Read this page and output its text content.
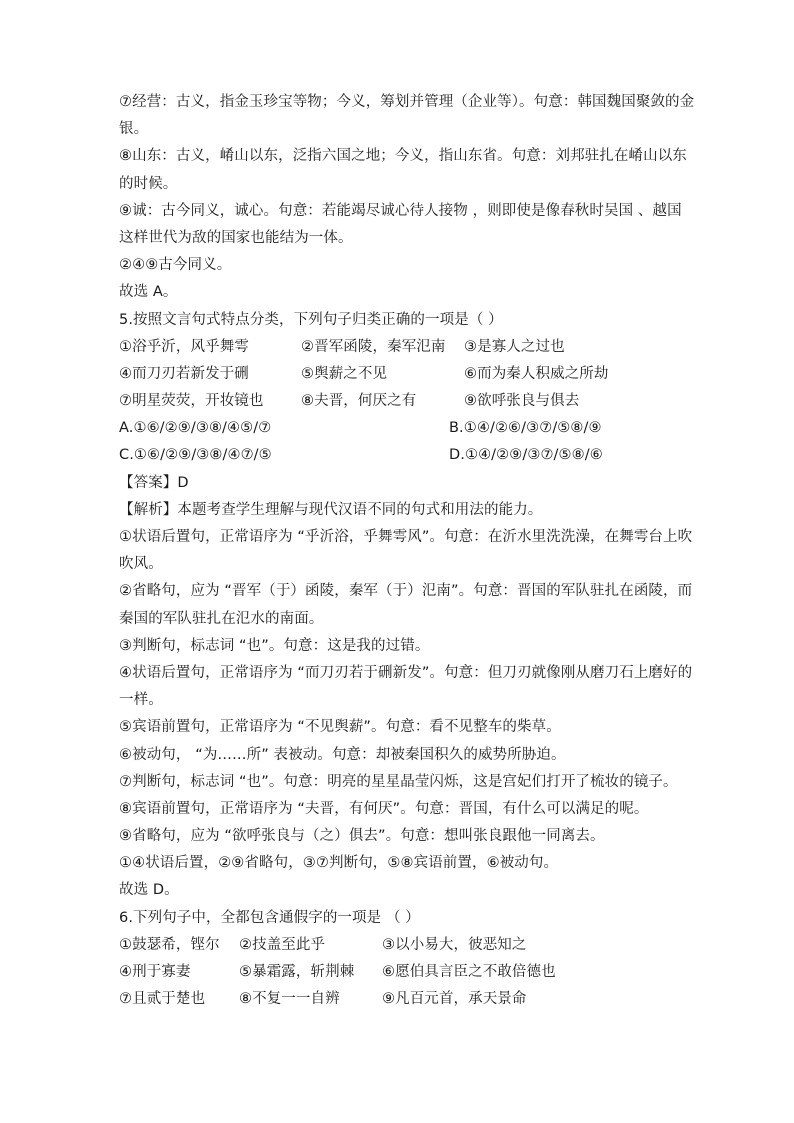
⑦经营：古义，指金玉珍宝等物；今义，筹划并管理（企业等）。句意：韩国魏国聚敛的金
银。
⑧山东：古义，崤山以东，泛指六国之地；今义，指山东省。句意：刘邦驻扎在崤山以东
的时候。
⑨诚：古今同义，诚心。句意：若能竭尽诚心待人接物 ，则即使是像春秋时吴国 、越国
这样世代为敌的国家也能结为一体。
②④⑨古今同义。
故选 A。
5.按照文言句式特点分类，下列句子归类正确的一项是（ ）
①浴乎沂，风乎舞雩	②晋军函陵，秦军氾南	③是寡人之过也
④而刀刃若新发于硎	⑤舆薪之不见	⑥而为秦人积威之所劫
⑦明星荧荧，开妆镜也	⑧夫晋，何厌之有	⑨欲呼张良与俱去
A.①⑥/②⑨/③⑧/④⑤/⑦	B.①④/②⑥/③⑦/⑤⑧/⑨
C.①⑥/②⑨/③⑧/④⑦/⑤	D.①④/②⑨/③⑦/⑤⑧/⑥
【答案】D
【解析】本题考查学生理解与现代汉语不同的句式和用法的能力。
①状语后置句，正常语序为 “乎沂浴，乎舞雩风”。句意：在沂水里洗洗澡，在舞雩台上吹
吹风。
②省略句，应为 “晋军（于）函陵，秦军（于）氾南”。句意：晋国的军队驻扎在函陵，而
秦国的军队驻扎在氾水的南面。
③判断句，标志词 “也”。句意：这是我的过错。
④状语后置句，正常语序为 “而刀刃若于硎新发”。句意：但刀刃就像刚从磨刀石上磨好的
一样。
⑤宾语前置句，正常语序为 “不见舆薪”。句意：看不见整车的柴草。
⑥被动句， “为……所” 表被动。句意：却被秦国积久的威势所胁迫。
⑦判断句，标志词 “也”。句意：明亮的星星晶莹闪烁，这是宫妃们打开了梳妆的镜子。
⑧宾语前置句，正常语序为 “夫晋，有何厌”。句意：晋国，有什么可以满足的呢。
⑨省略句，应为 “欲呼张良与（之）俱去”。句意：想叫张良跟他一同离去。
①④状语后置，②⑨省略句，③⑦判断句，⑤⑧宾语前置，⑥被动句。
故选 D。
6.下列句子中，全都包含通假字的一项是 （ ）
①鼓瑟希，铿尔	②技盖至此乎	③以小易大，彼恶知之
④刑于寡妻	⑤暴霜露，斩荆棘	⑥愿伯具言臣之不敢倍德也
⑦且贰于楚也	⑧不复一一自辨	⑨凡百元首，承天景命
